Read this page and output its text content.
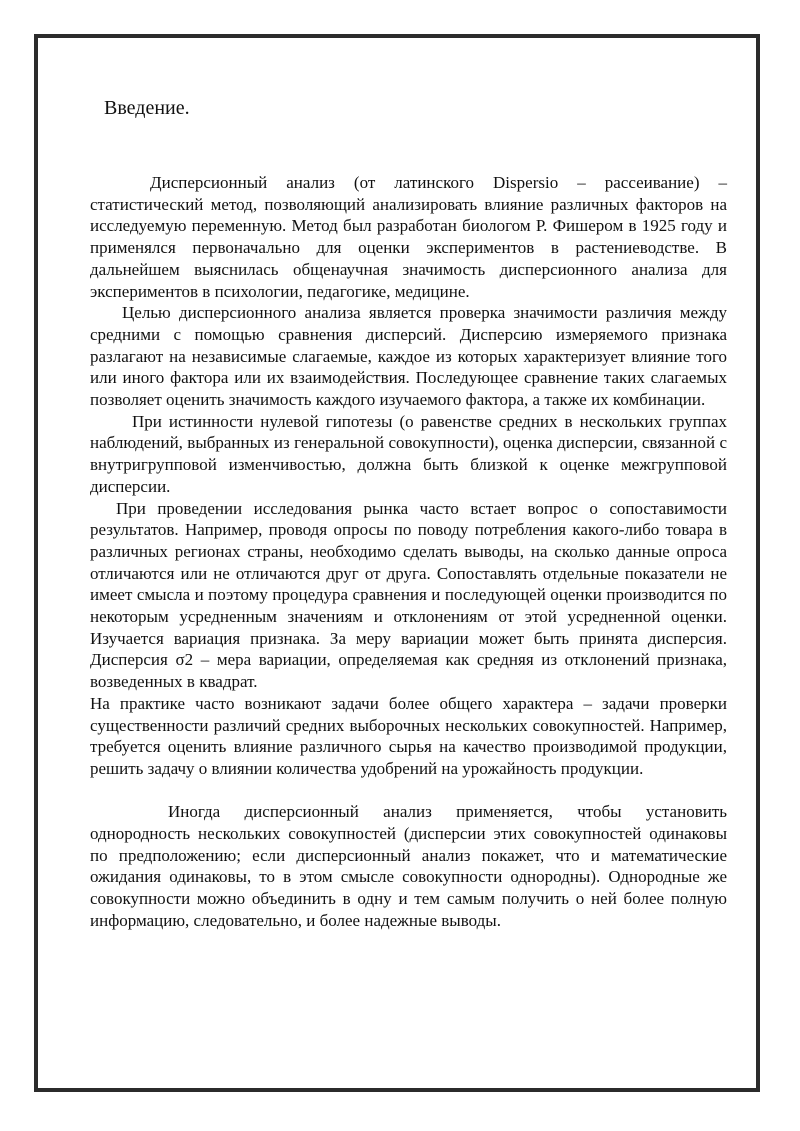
Введение.

Дисперсионный анализ (от латинского Dispersio – рассеивание) – статистический метод, позволяющий анализировать влияние различных факторов на исследуемую переменную. Метод был разработан биологом Р. Фишером в 1925 году и применялся первоначально для оценки экспериментов в растениеводстве. В дальнейшем выяснилась общенаучная значимость дисперсионного анализа для экспериментов в психологии, педагогике, медицине.

Целью дисперсионного анализа является проверка значимости различия между средними с помощью сравнения дисперсий. Дисперсию измеряемого признака разлагают на независимые слагаемые, каждое из которых характеризует влияние того или иного фактора или их взаимодействия. Последующее сравнение таких слагаемых позволяет оценить значимость каждого изучаемого фактора, а также их комбинации.

При истинности нулевой гипотезы (о равенстве средних в нескольких группах наблюдений, выбранных из генеральной совокупности), оценка дисперсии, связанной с внутригрупповой изменчивостью, должна быть близкой к оценке межгрупповой дисперсии.

При проведении исследования рынка часто встает вопрос о сопоставимости результатов. Например, проводя опросы по поводу потребления какого-либо товара в различных регионах страны, необходимо сделать выводы, на сколько данные опроса отличаются или не отличаются друг от друга. Сопоставлять отдельные показатели не имеет смысла и поэтому процедура сравнения и последующей оценки производится по некоторым усредненным значениям и отклонениям от этой усредненной оценки. Изучается вариация признака. За меру вариации может быть принята дисперсия. Дисперсия σ2 – мера вариации, определяемая как средняя из отклонений признака, возведенных в квадрат.

На практике часто возникают задачи более общего характера – задачи проверки существенности различий средних выборочных нескольких совокупностей. Например, требуется оценить влияние различного сырья на качество производимой продукции, решить задачу о влиянии количества удобрений на урожайность продукции.

Иногда дисперсионный анализ применяется, чтобы установить однородность нескольких совокупностей (дисперсии этих совокупностей одинаковы по предположению; если дисперсионный анализ покажет, что и математические ожидания одинаковы, то в этом смысле совокупности однородны). Однородные же совокупности можно объединить в одну и тем самым получить о ней более полную информацию, следовательно, и более надежные выводы.
